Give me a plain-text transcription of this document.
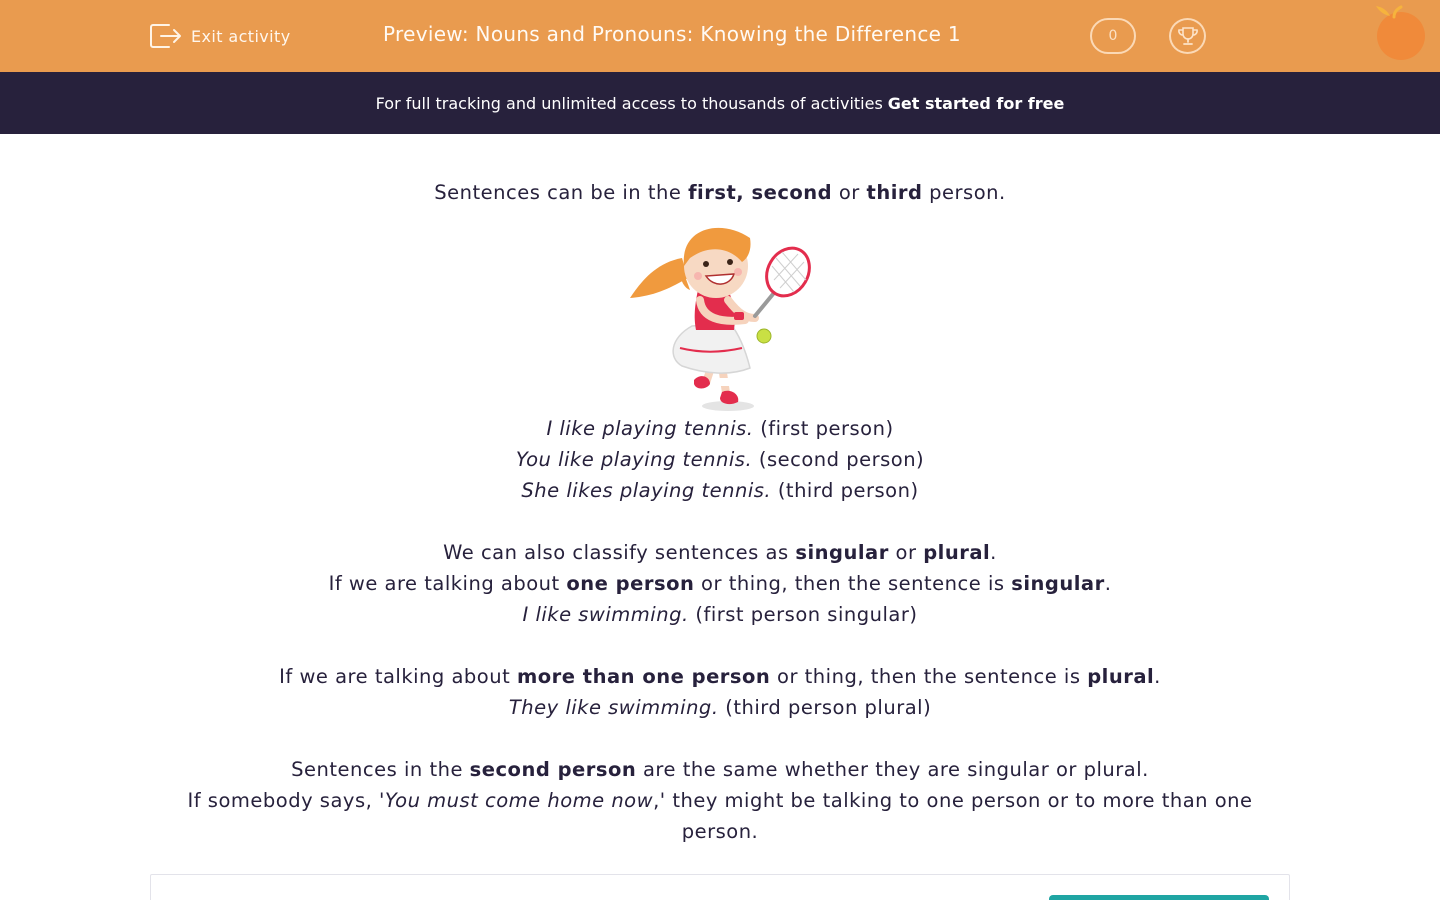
Exit activity	Preview: Nouns and Pronouns: Knowing the Difference 1	0
For full tracking and unlimited access to thousands of activities Get started for free

Sentences can be in the first, second or third person.

I like playing tennis. (first person)

You like playing tennis. (second person)

She likes playing tennis. (third person)

We can also classify sentences as singular or plural.

If we are talking about one person or thing, then the sentence is singular.

I like swimming. (first person singular)

If we are talking about more than one person or thing, then the sentence is plural.

They like swimming. (third person plural)

Sentences in the second person are the same whether they are singular or plural.

If somebody says, 'You must come home now,' they might be talking to one person or to more than one person.
